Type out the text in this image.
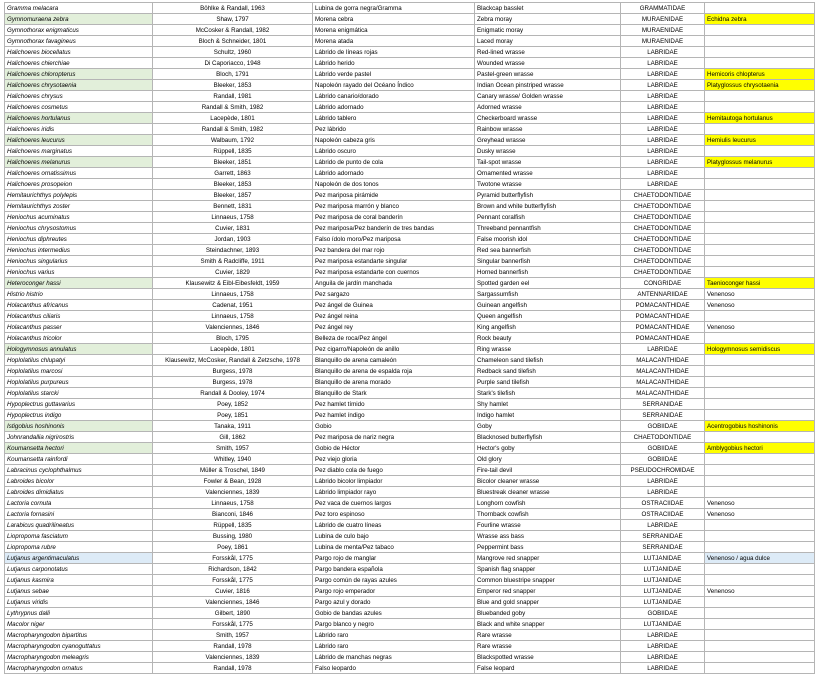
Gramma melacara	Böhlke & Randall, 1963	Lubina de gorra negra/Gramma	Blackcap basslet	GRAMMATIDAE	
Gymnomuraena zebra	Shaw, 1797	Morena cebra	Zebra moray	MURAENIDAE	Echidna zebra
Gymnothorax enigmaticus	McCosker & Randall, 1982	Morena enigmática	Enigmatic moray	MURAENIDAE	
Gymnothorax favagineus	Bloch & Schneider, 1801	Morena atada	Laced moray	MURAENIDAE	
Halichoeres biocellatus	Schultz, 1960	Lábrido de líneas rojas	Red-lined wrasse	LABRIDAE	
Halichoeres chierchiae	Di Caporiacco, 1948	Lábrido herido	Wounded wrasse	LABRIDAE	
Halichoeres chloropterus	Bloch, 1791	Lábrido verde pastel	Pastel-green wrasse	LABRIDAE	Hemicoris chlopterus
Halichoeres chrysotaenia	Bleeker, 1853	Napoleón rayado del Océano Índico	Indian Ocean pinstriped wrasse	LABRIDAE	Platyglossus chrysotaenia
Halichoeres chrysus	Randall, 1981	Lábrido canario/dorado	Canary wrasse/ Golden wrasse	LABRIDAE	
Halichoeres cosmetus	Randall & Smith, 1982	Lábrido adornado	Adorned wrasse	LABRIDAE	
Halichoeres hortulanus	Lacepède, 1801	Lábrido tablero	Checkerboard wrasse	LABRIDAE	Hemitautoga hortulanus
Halichoeres iridis	Randall & Smith, 1982	Pez lábrido	Rainbow wrasse	LABRIDAE	
Halichoeres leucurus	Walbaum, 1792	Napoleón cabeza gris	Greyhead wrasse	LABRIDAE	Hemiulis leucurus
Halichoeres marginatus	Rüppell, 1835	Lábrido oscuro	Dusky wrasse	LABRIDAE	
Halichoeres melanurus	Bleeker, 1851	Lábrido de punto de cola	Tail-spot wrasse	LABRIDAE	Platyglossus melanurus
Halichoeres ornatissimus	Garrett, 1863	Lábrido adornado	Ornamented wrasse	LABRIDAE	
Halichoeres prosopeion	Bleeker, 1853	Napoleón de dos tonos	Twotone wrasse	LABRIDAE	
Hemitaurichthys polylepis	Bleeker, 1857	Pez mariposa pirámide	Pyramid butterflyfish	CHAETODONTIDAE	
Hemitaurichthys zoster	Bennett, 1831	Pez mariposa marrón y blanco	Brown and white butterflyfish	CHAETODONTIDAE	
Heniochus acuminatus	Linnaeus, 1758	Pez mariposa de coral banderín	Pennant coralfish	CHAETODONTIDAE	
Heniochus chrysostomus	Cuvier, 1831	Pez mariposa/Pez banderín de tres bandas	Threeband pennantfish	CHAETODONTIDAE	
Heniochus diphreutes	Jordan, 1903	Falso ídolo moro/Pez mariposa	False moorish idol	CHAETODONTIDAE	
Heniochus intermedius	Steindachner, 1893	Pez bandera del mar rojo	Red sea bannerfish	CHAETODONTIDAE	
Heniochus singularius	Smith & Radcliffe, 1911	Pez mariposa estandarte singular	Singular bannerfish	CHAETODONTIDAE	
Heniochus varius	Cuvier, 1829	Pez mariposa estandarte con cuernos	Horned bannerfish	CHAETODONTIDAE	
Heteroconger hassi	Klausewitz & Eibl-Eibesfeldt, 1959	Anguila de jardín manchada	Spotted garden eel	CONGRIDAE	Taenioconger hassi
Histrio histrio	Linnaeus, 1758	Pez sargazo	Sargassumfish	ANTENNARIIDAE	Venenoso
Holacanthus africanus	Cadenat, 1951	Pez ángel de Guinea	Guinean angelfish	POMACANTHIDAE	Venenoso
Holacanthus ciliaris	Linnaeus, 1758	Pez ángel reina	Queen angelfish	POMACANTHIDAE	
Holacanthus passer	Valenciennes, 1846	Pez ángel rey	King angelfish	POMACANTHIDAE	Venenoso
Holacanthus tricolor	Bloch, 1795	Belleza de roca/Pez ángel	Rock beauty	POMACANTHIDAE	
Hologymnosus annulatus	Lacepède, 1801	Pez cigarro/Napoleón de anillo	Ring wrasse	LABRIDAE	Hologymnosus semidiscus
Hoplolatilus chlupatyi	Klausewitz, McCosker, Randall & Zetzsche, 1978	Blanquillo de arena camaleón	Chameleon sand tilefish	MALACANTHIDAE	
Hoplolatilus marcosi	Burgess, 1978	Blanquillo de arena de espalda roja	Redback sand tilefish	MALACANTHIDAE	
Hoplolatilus purpureus	Burgess, 1978	Blanquillo de arena morado	Purple sand tilefish	MALACANTHIDAE	
Hoplolatilus starcki	Randall & Dooley, 1974	Blanquillo de Stark	Stark's tilefish	MALACANTHIDAE	
Hypoplectrus guttavarius	Poey, 1852	Pez hamlet tímido	Shy hamlet	SERRANIDAE	
Hypoplectrus indigo	Poey, 1851	Pez hamlet índigo	Indigo hamlet	SERRANIDAE	
Istigobius hoshinonis	Tanaka, 1911	Gobio	Goby	GOBIIDAE	Acentrogobius hoshinonis
Johnrandallia nigrirostris	Gill, 1862	Pez mariposa de nariz negra	Blacknosed butterflyfish	CHAETODONTIDAE	
Koumansetta hectori	Smith, 1957	Gobio de Héctor	Hector's goby	GOBIIDAE	Amblygobius hectori
Koumansetta rainfordi	Whitley, 1940	Pez viejo gloria	Old glory	GOBIIDAE	
Labracinus cyclophthalmus	Müller & Troschel, 1849	Pez diablo cola de fuego	Fire-tail devil	PSEUDOCHROMIDAE	
Labroides bicolor	Fowler & Bean, 1928	Lábrido bicolor limpiador	Bicolor cleaner wrasse	LABRIDAE	
Labroides dimidiatus	Valenciennes, 1839	Lábrido limpiador rayo	Bluestreak cleaner wrasse	LABRIDAE	
Lactoria cornuta	Linnaeus, 1758	Pez vaca de cuernos largos	Longhorn cowfish	OSTRACIIDAE	Venenoso
Lactoria fornasini	Bianconi, 1846	Pez toro espinoso	Thornback cowfish	OSTRACIIDAE	Venenoso
Larabicus quadrilineatus	Rüppell, 1835	Lábrido de cuatro líneas	Fourline wrasse	LABRIDAE	
Liopropoma fasciatum	Bussing, 1980	Lubina de culo bajo	Wrasse ass bass	SERRANIDAE	
Liopropoma rubre	Poey, 1861	Lubina de menta/Pez tabaco	Peppermint bass	SERRANIDAE	
Lutjanus argentimaculatus	Forsskål, 1775	Pargo rojo de manglar	Mangrove red snapper	LUTJANIDAE	Venenoso / agua dulce
Lutjanus carponotatus	Richardson, 1842	Pargo bandera española	Spanish flag snapper	LUTJANIDAE	
Lutjanus kasmira	Forsskål, 1775	Pargo común de rayas azules	Common bluestripe snapper	LUTJANIDAE	
Lutjanus sebae	Cuvier, 1816	Pargo rojo emperador	Emperor red snapper	LUTJANIDAE	Venenoso
Lutjanus viridis	Valenciennes, 1846	Pargo azul y dorado	Blue and gold snapper	LUTJANIDAE	
Lythrypnus dalli	Gilbert, 1890	Gobio de bandas azules	Bluebanded goby	GOBIIDAE	
Macolor niger	Forsskål, 1775	Pargo blanco y negro	Black and white snapper	LUTJANIDAE	
Macropharyngodon bipartitus	Smith, 1957	Lábrido raro	Rare wrasse	LABRIDAE	
Macropharyngodon cyanoguttatus	Randall, 1978	Lábrido raro	Rare wrasse	LABRIDAE	
Macropharyngodon meleagris	Valenciennes, 1839	Lábrido de manchas negras	Blackspotted wrasse	LABRIDAE	
Macropharyngodon ornatus	Randall, 1978	Falso leopardo	False leopard	LABRIDAE	
